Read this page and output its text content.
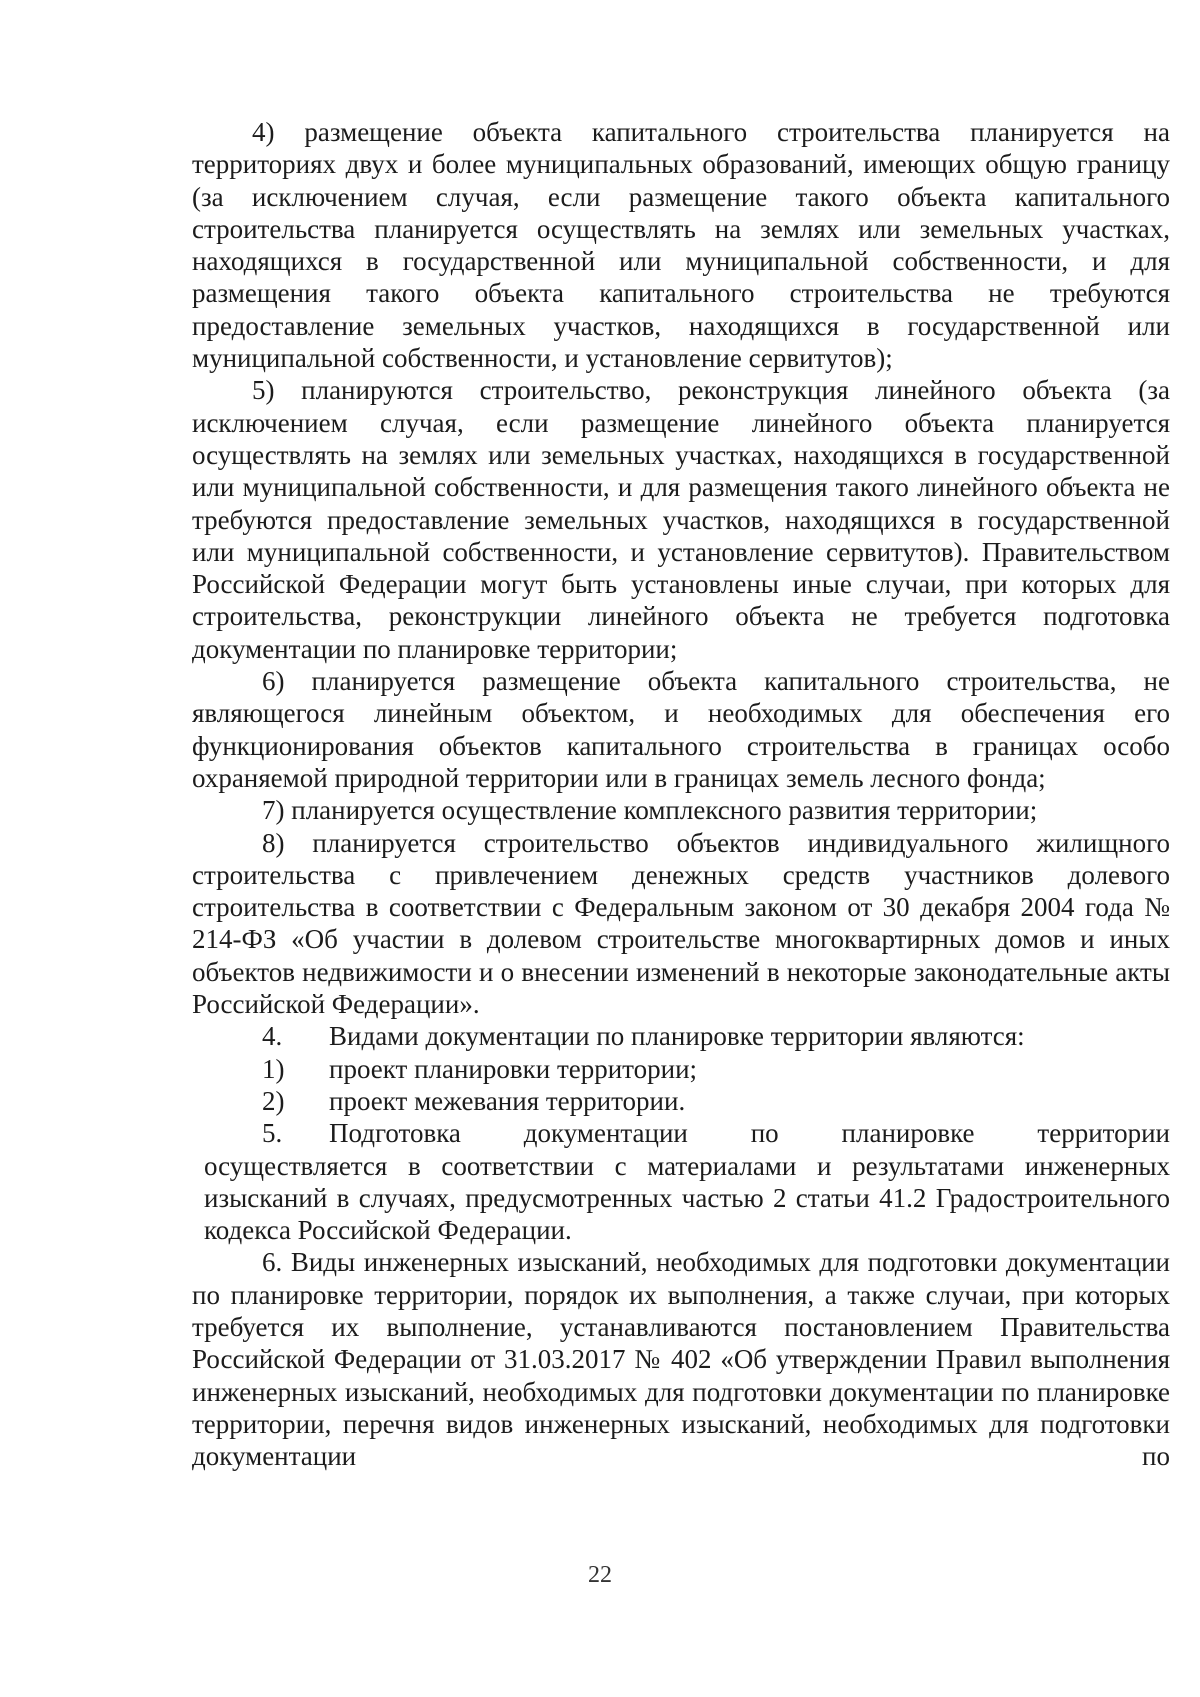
4) размещение объекта капитального строительства планируется на территориях двух и более муниципальных образований, имеющих общую границу (за исключением случая, если размещение такого объекта капитального строительства планируется осуществлять на землях или земельных участках, находящихся в государственной или муниципальной собственности, и для размещения такого объекта капитального строительства не требуются предоставление земельных участков, находящихся в государственной или муниципальной собственности, и установление сервитутов);

5) планируются строительство, реконструкция линейного объекта (за исключением случая, если размещение линейного объекта планируется осуществлять на землях или земельных участках, находящихся в государственной или муниципальной собственности, и для размещения такого линейного объекта не требуются предоставление земельных участков, находящихся в государственной или муниципальной собственности, и установление сервитутов). Правительством Российской Федерации могут быть установлены иные случаи, при которых для строительства, реконструкции линейного объекта не требуется подготовка документации по планировке территории;

6) планируется размещение объекта капитального строительства, не являющегося линейным объектом, и необходимых для обеспечения его функционирования объектов капитального строительства в границах особо охраняемой природной территории или в границах земель лесного фонда;

7) планируется осуществление комплексного развития территории;

8) планируется строительство объектов индивидуального жилищного строительства с привлечением денежных средств участников долевого строительства в соответствии с Федеральным законом от 30 декабря 2004 года № 214-ФЗ «Об участии в долевом строительстве многоквартирных домов и иных объектов недвижимости и о внесении изменений в некоторые законодательные акты Российской Федерации».

4.	Видами документации по планировке территории являются:
1)	проект планировки территории;
2)	проект межевания территории.
5.	Подготовка документации по планировке территории

осуществляется в соответствии с материалами и результатами инженерных изысканий в случаях, предусмотренных частью 2 статьи 41.2 Градостроительного кодекса Российской Федерации.

6. Виды инженерных изысканий, необходимых для подготовки документации по планировке территории, порядок их выполнения, а также случаи, при которых требуется их выполнение, устанавливаются постановлением Правительства Российской Федерации от 31.03.2017 № 402 «Об утверждении Правил выполнения инженерных изысканий, необходимых для подготовки документации по планировке территории, перечня видов инженерных изысканий, необходимых для подготовки документации по

22
